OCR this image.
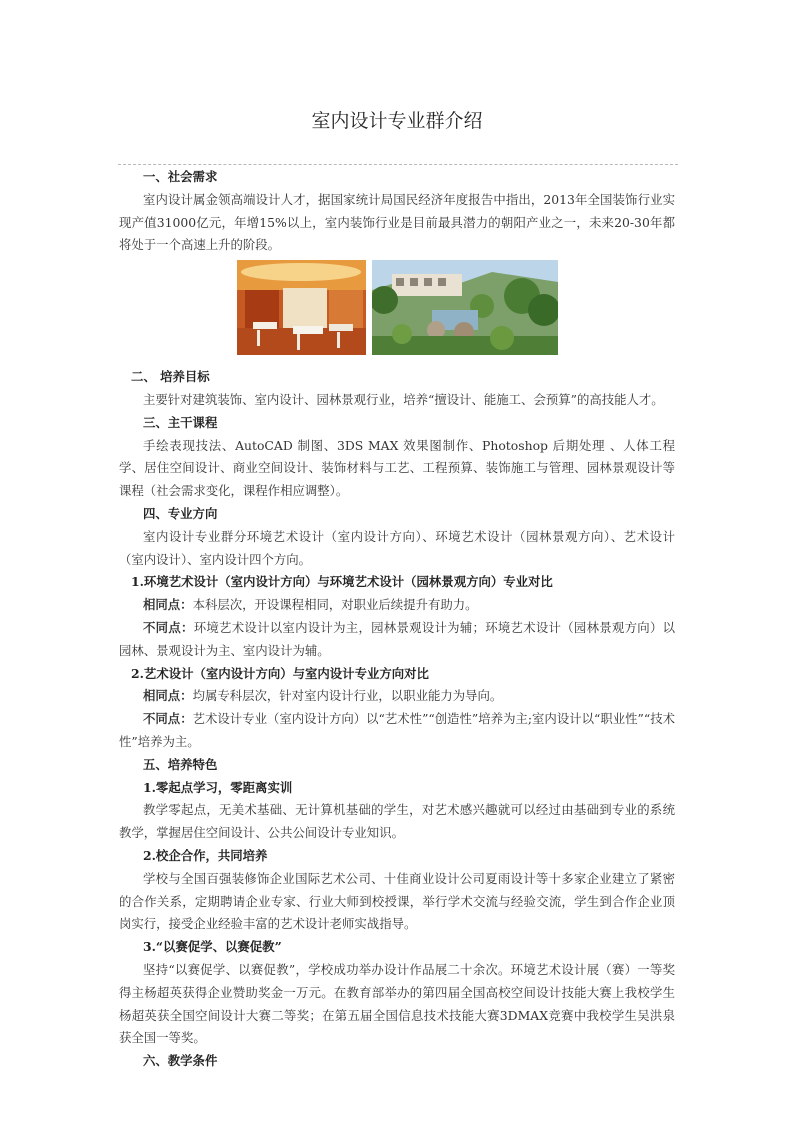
室内设计专业群介绍
一、社会需求
室内设计属金领高端设计人才，据国家统计局国民经济年度报告中指出，2013年全国装饰行业实现产值31000亿元，年增15%以上，室内装饰行业是目前最具潜力的朝阳产业之一，未来20-30年都将处于一个高速上升的阶段。
二、 培养目标
主要针对建筑装饰、室内设计、园林景观行业，培养“擅设计、能施工、会预算”的高技能人才。
三、主干课程
手绘表现技法、AutoCAD 制图、3DS MAX 效果图制作、Photoshop 后期处理 、人体工程学、居住空间设计、商业空间设计、装饰材料与工艺、工程预算、装饰施工与管理、园林景观设计等课程（社会需求变化，课程作相应调整）。
四、专业方向
室内设计专业群分环境艺术设计（室内设计方向）、环境艺术设计（园林景观方向）、艺术设计（室内设计）、室内设计四个方向。
1.环境艺术设计（室内设计方向）与环境艺术设计（园林景观方向）专业对比
相同点：本科层次，开设课程相同，对职业后续提升有助力。
不同点：环境艺术设计以室内设计为主，园林景观设计为辅；环境艺术设计（园林景观方向）以园林、景观设计为主、室内设计为辅。
2.艺术设计（室内设计方向）与室内设计专业方向对比
相同点：均属专科层次，针对室内设计行业，以职业能力为导向。
不同点：艺术设计专业（室内设计方向）以“艺术性”“创造性”培养为主;室内设计以“职业性”“技术性”培养为主。
五、培养特色
1.零起点学习，零距离实训
教学零起点，无美术基础、无计算机基础的学生，对艺术感兴趣就可以经过由基础到专业的系统教学，掌握居住空间设计、公共公间设计专业知识。
2.校企合作，共同培养
学校与全国百强装修饰企业国际艺术公司、十佳商业设计公司夏雨设计等十多家企业建立了紧密的合作关系，定期聘请企业专家、行业大师到校授课，举行学术交流与经验交流，学生到合作企业顶岗实行，接受企业经验丰富的艺术设计老师实战指导。
3.“以赛促学、以赛促教”
坚持“以赛促学、以赛促教”，学校成功举办设计作品展二十余次。环境艺术设计展（赛）一等奖得主杨超英获得企业赞助奖金一万元。在教育部举办的第四届全国高校空间设计技能大赛上我校学生杨超英获全国空间设计大赛二等奖；在第五届全国信息技术技能大赛3DMAX竞赛中我校学生吴洪泉获全国一等奖。
六、教学条件
